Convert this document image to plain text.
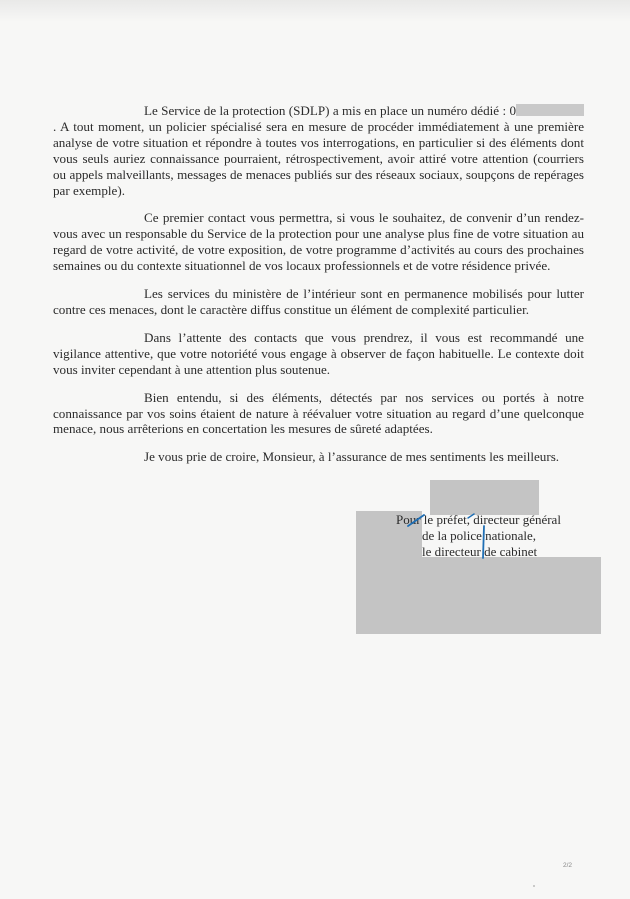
Le Service de la protection (SDLP) a mis en place un numéro dédié : 0. A tout moment, un policier spécialisé sera en mesure de procéder immédiatement à une première analyse de votre situation et répondre à toutes vos interrogations, en particulier si des éléments dont vous seuls auriez connaissance pourraient, rétrospectivement, avoir attiré votre attention (courriers ou appels malveillants, messages de menaces publiés sur des réseaux sociaux, soupçons de repérages par exemple).

Ce premier contact vous permettra, si vous le souhaitez, de convenir d’un rendez-vous avec un responsable du Service de la protection pour une analyse plus fine de votre situation au regard de votre activité, de votre exposition, de votre programme d’activités au cours des prochaines semaines ou du contexte situationnel de vos locaux professionnels et de votre résidence privée.

Les services du ministère de l’intérieur sont en permanence mobilisés pour lutter contre ces menaces, dont le caractère diffus constitue un élément de complexité particulier.

Dans l’attente des contacts que vous prendrez, il vous est recommandé une vigilance attentive, que votre notoriété vous engage à observer de façon habituelle. Le contexte doit vous inviter cependant à une attention plus soutenue.

Bien entendu, si des éléments, détectés par nos services ou portés à notre connaissance par vos soins étaient de nature à réévaluer votre situation au regard d’une quelconque menace, nous arrêterions en concertation les mesures de sûreté adaptées.

Je vous prie de croire, Monsieur, à l’assurance de mes sentiments les meilleurs.

Pour le préfet, directeur général
de la police nationale,
le directeur de cabinet
2/2
